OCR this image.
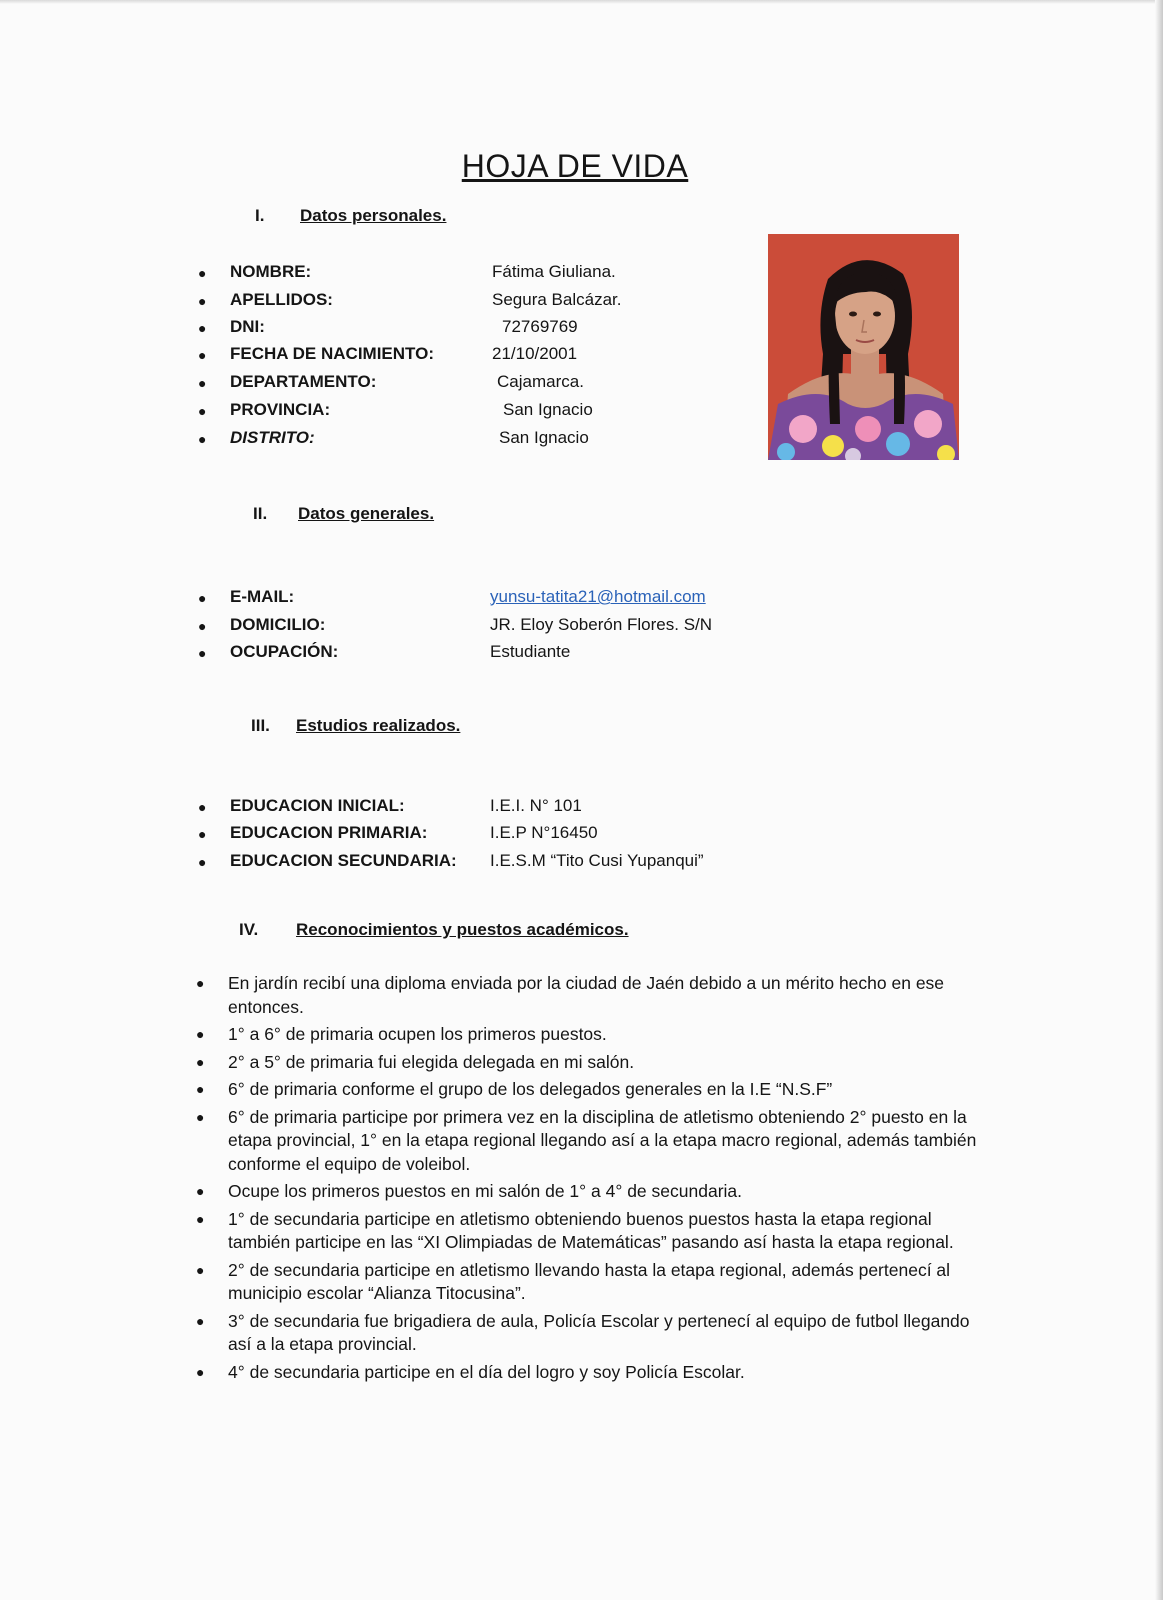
HOJA DE VIDA
I. Datos personales.
● NOMBRE:	Fátima Giuliana.
● APELLIDOS:	Segura Balcázar.
● DNI:	72769769
● FECHA DE NACIMIENTO:	21/10/2001
● DEPARTAMENTO:	Cajamarca.
● PROVINCIA:	San Ignacio
● DISTRITO:	San Ignacio
II. Datos generales.
● E-MAIL:	yunsu-tatita21@hotmail.com
● DOMICILIO:	JR. Eloy Soberón Flores. S/N
● OCUPACIÓN:	Estudiante
III. Estudios realizados.
● EDUCACION INICIAL:	I.E.I. N° 101
● EDUCACION PRIMARIA:	I.E.P N°16450
● EDUCACION SECUNDARIA: I.E.S.M “Tito Cusi Yupanqui”
IV. Reconocimientos y puestos académicos.
● En jardín recibí una diploma enviada por la ciudad de Jaén debido a un mérito hecho en ese entonces.
● 1° a 6° de primaria ocupen los primeros puestos.
● 2° a 5° de primaria fui elegida delegada en mi salón.
● 6° de primaria conforme el grupo de los delegados generales en la I.E “N.S.F”
● 6° de primaria participe por primera vez en la disciplina de atletismo obteniendo 2° puesto en la etapa provincial, 1° en la etapa regional llegando así a la etapa macro regional, además también conforme el equipo de voleibol.
● Ocupe los primeros puestos en mi salón de 1° a 4° de secundaria.
● 1° de secundaria participe en atletismo obteniendo buenos puestos hasta la etapa regional también participe en las “XI Olimpiadas de Matemáticas” pasando así hasta la etapa regional.
● 2° de secundaria participe en atletismo llevando hasta la etapa regional, además pertenecí al municipio escolar “Alianza Titocusina”.
● 3° de secundaria fue brigadiera de aula, Policía Escolar y pertenecí al equipo de futbol llegando así a la etapa provincial.
● 4° de secundaria participe en el día del logro y soy Policía Escolar.
